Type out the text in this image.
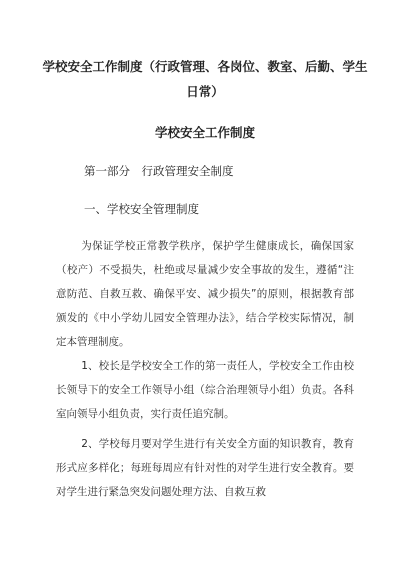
学校安全工作制度（行政管理、各岗位、教室、后勤、学生日常）
学校安全工作制度
第一部分　行政管理安全制度
一、学校安全管理制度

为保证学校正常教学秩序，保护学生健康成长，确保国家（校产）不受损失，杜绝或尽量减少安全事故的发生，遵循“注意防范、自救互救、确保平安、减少损失”的原则，根据教育部颁发的《中小学幼儿园安全管理办法》，结合学校实际情况，制定本管理制度。

1、校长是学校安全工作的第一责任人，学校安全工作由校长领导下的安全工作领导小组（综合治理领导小组）负责。各科室向领导小组负责，实行责任追究制。

2、学校每月要对学生进行有关安全方面的知识教育，教育形式应多样化；每班每周应有针对性的对学生进行安全教育。要对学生进行紧急突发问题处理方法、自救互救
